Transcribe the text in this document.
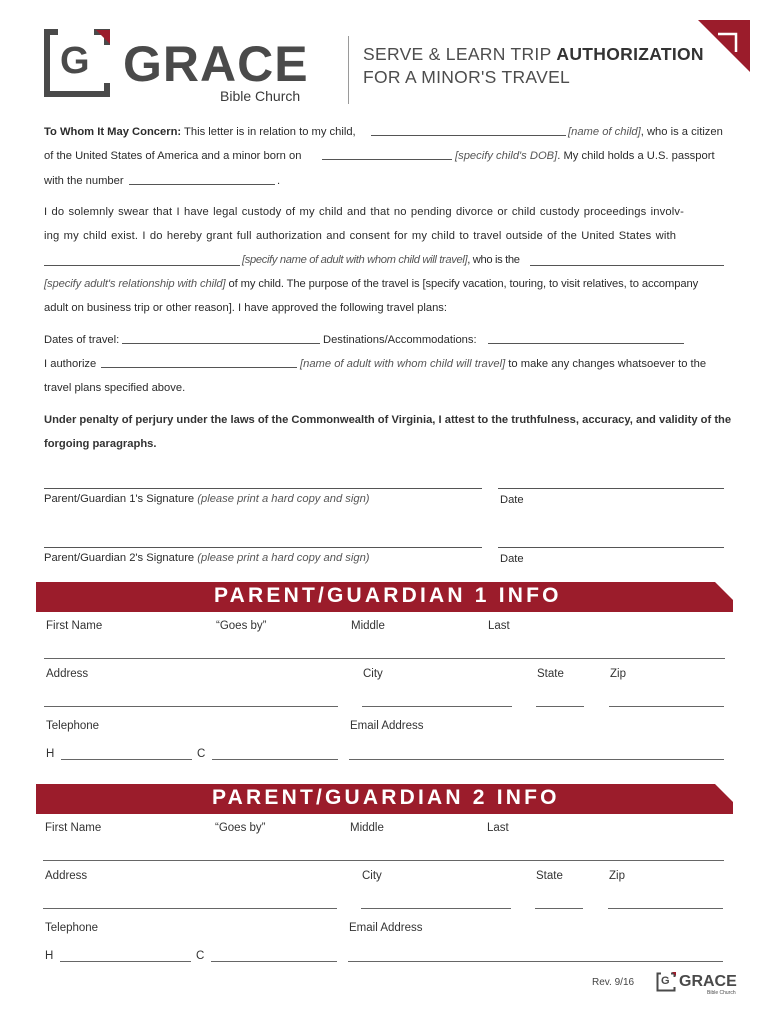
G GRACE
Bible Church
SERVE & LEARN TRIP AUTHORIZATION
FOR A MINOR'S TRAVEL
To Whom It May Concern: This letter is in relation to my child,	[name of child], who is a citizen
of the United States of America and a minor born on	[specify child's DOB]. My child holds a U.S. passport
with the number	.
I do solemnly swear that I have legal custody of my child and that no pending divorce or child custody proceedings involv-
ing my child exist. I do hereby grant full authorization and consent for my child to travel outside of the United States with
[specify name of adult with whom child will travel], who is the
[specify adult's relationship with child] of my child. The purpose of the travel is [specify vacation, touring, to visit relatives, to accompany
adult on business trip or other reason]. I have approved the following travel plans:
Dates of travel:	Destinations/Accommodations:
I authorize	[name of adult with whom child will travel] to make any changes whatsoever to the
travel plans specified above.
Under penalty of perjury under the laws of the Commonwealth of Virginia, I attest to the truthfulness, accuracy, and validity of the
forgoing paragraphs.
Parent/Guardian 1's Signature (please print a hard copy and sign)	Date
Parent/Guardian 2's Signature (please print a hard copy and sign)	Date
PARENT/GUARDIAN 1 INFO
First Name	“Goes by”	Middle	Last
Address	City	State	Zip
Telephone	Email Address
H	C
PARENT/GUARDIAN 2 INFO
First Name	“Goes by”	Middle	Last
Address	City	State	Zip
Telephone	Email Address
H	C
Rev. 9/16 G GRACE
Bible Church
